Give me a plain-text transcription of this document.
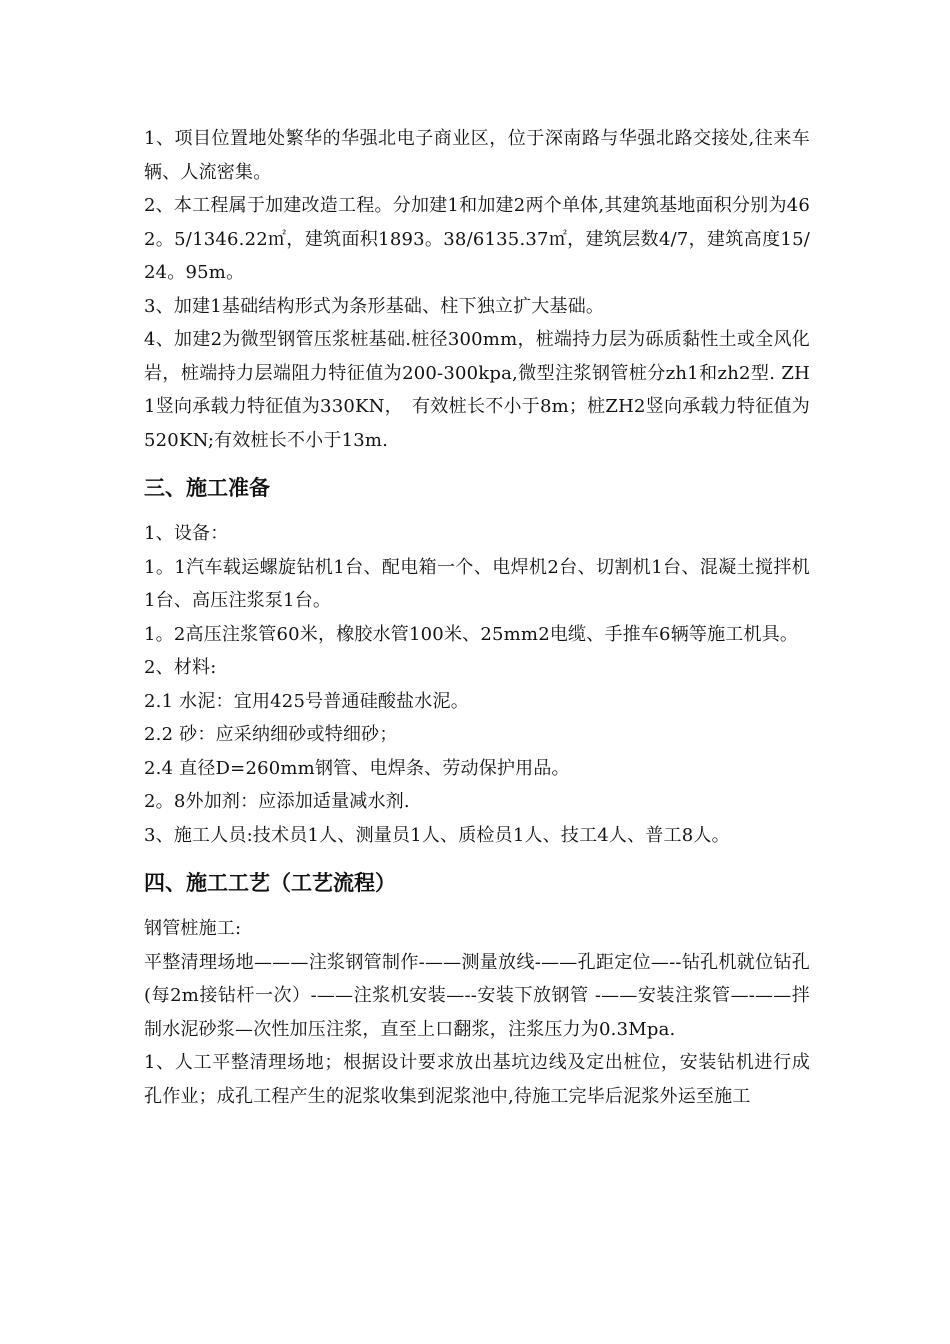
1、项目位置地处繁华的华强北电子商业区，位于深南路与华强北路交接处,往来车辆、人流密集。

2、本工程属于加建改造工程。分加建1和加建2两个单体,其建筑基地面积分别为462。5/1346.22㎡，建筑面积1893。38/6135.37㎡，建筑层数4/7，建筑高度15/24。95m。

3、加建1基础结构形式为条形基础、柱下独立扩大基础。

4、加建2为微型钢管压浆桩基础.桩径300mm，桩端持力层为砾质黏性土或全风化岩，桩端持力层端阻力特征值为200-300kpa,微型注浆钢管桩分zh1和zh2型. ZH1竖向承载力特征值为330KN，　有效桩长不小于8m；桩ZH2竖向承载力特征值为520KN;有效桩长不小于13m.

三、施工准备

1、设备：

1。1汽车载运螺旋钻机1台、配电箱一个、电焊机2台、切割机1台、混凝土搅拌机1台、高压注浆泵1台。

1。2高压注浆管60米，橡胶水管100米、25mm2电缆、手推车6辆等施工机具。

2、材料:

2.1 水泥：宜用425号普通硅酸盐水泥。

2.2 砂：应采纳细砂或特细砂；

2.4 直径D=260mm钢管、电焊条、劳动保护用品。

2。8外加剂：应添加适量减水剂.

3、施工人员:技术员1人、测量员1人、质检员1人、技工4人、普工8人。

四、施工工艺（工艺流程）

钢管桩施工:

平整清理场地———注浆钢管制作-——测量放线-——孔距定位—--钻孔机就位钻孔(每2m接钻杆一次）-——注浆机安装—--安装下放钢管 -——安装注浆管—-——拌制水泥砂浆—次性加压注浆，直至上口翻浆，注浆压力为0.3Mpa.

1、人工平整清理场地；根据设计要求放出基坑边线及定出桩位，安装钻机进行成孔作业；成孔工程产生的泥浆收集到泥浆池中,待施工完毕后泥浆外运至施工
